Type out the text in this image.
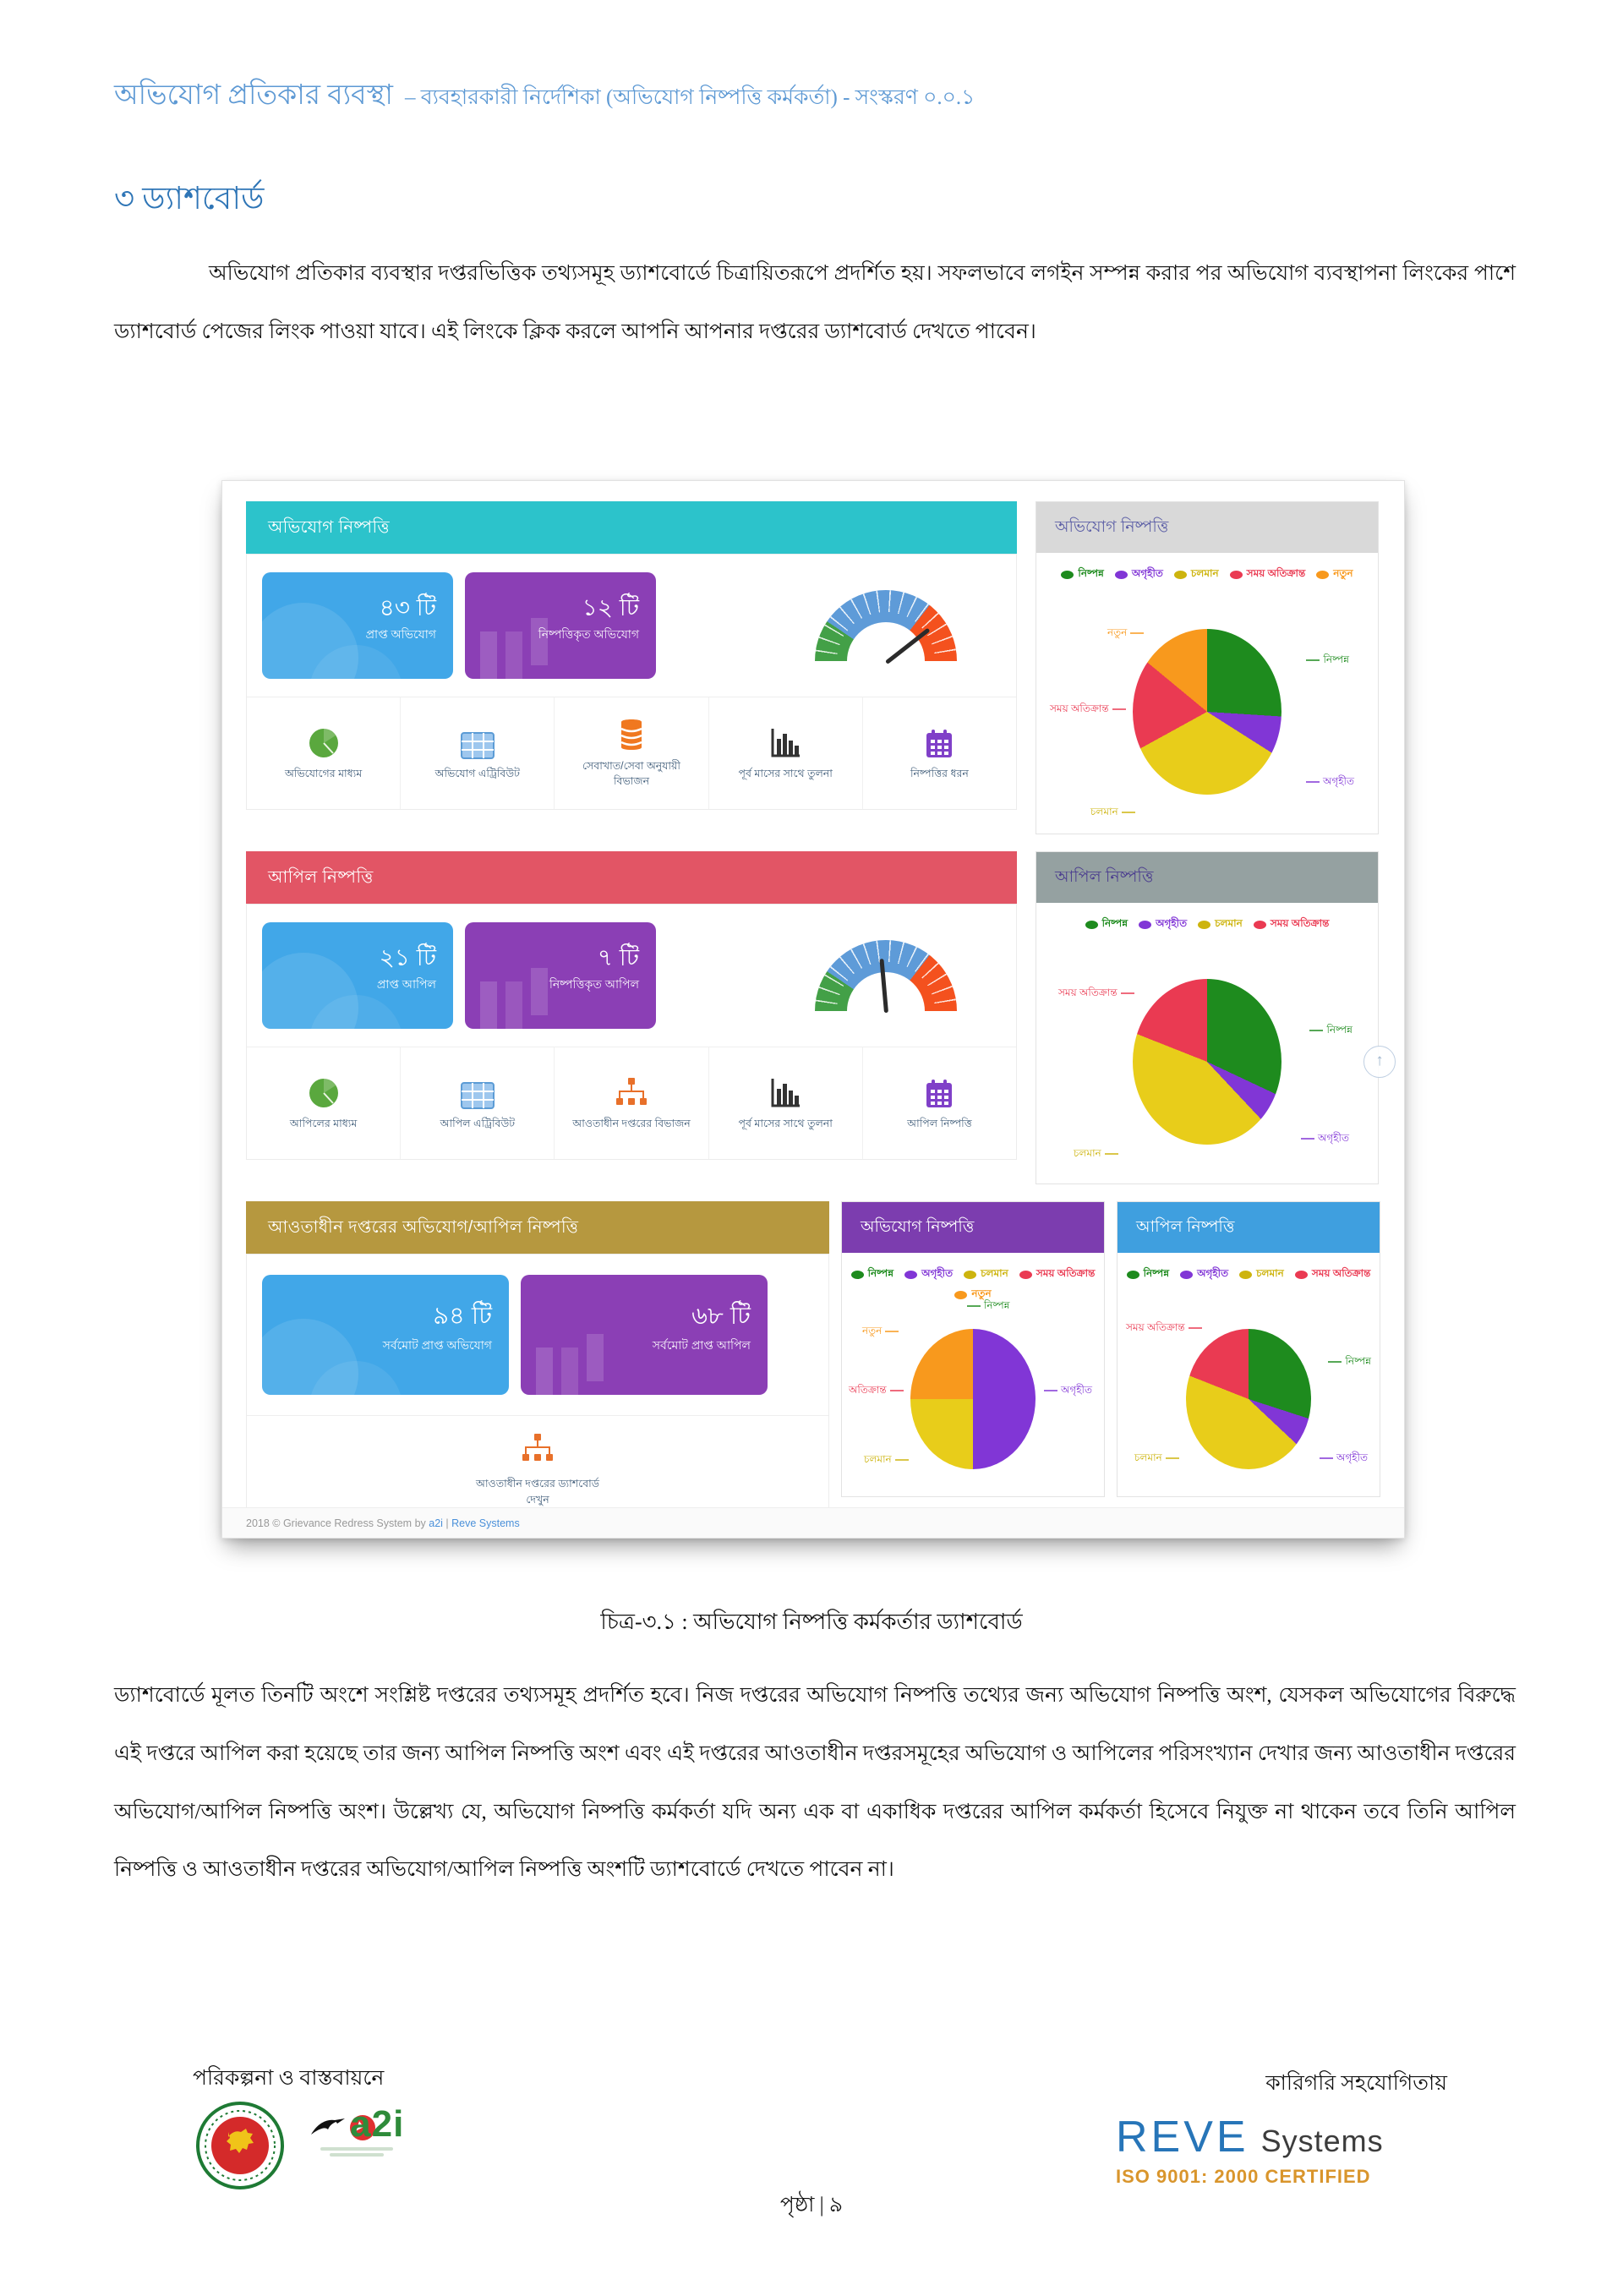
অভিযোগ প্রতিকার ব্যবস্থা – ব্যবহারকারী নির্দেশিকা (অভিযোগ নিষ্পত্তি কর্মকর্তা) - সংস্করণ ০.০.১
৩ ড্যাশবোর্ড
অভিযোগ প্রতিকার ব্যবস্থার দপ্তরভিত্তিক তথ্যসমূহ ড্যাশবোর্ডে চিত্রায়িতরূপে প্রদর্শিত হয়। সফলভাবে লগইন সম্পন্ন করার পর অভিযোগ ব্যবস্থাপনা লিংকের পাশে ড্যাশবোর্ড পেজের লিংক পাওয়া যাবে। এই লিংকে ক্লিক করলে আপনি আপনার দপ্তরের ড্যাশবোর্ড দেখতে পাবেন।
অভিযোগ নিষ্পত্তি
৪৩ টি
প্রাপ্ত অভিযোগ
১২ টি
নিষ্পত্তিকৃত অভিযোগ
অভিযোগের মাধ্যম	অভিযোগ এট্রিবিউট
সেবাখাত/সেবা অনুযায়ী বিভাজন
পূর্ব মাসের সাথে তুলনা	নিষ্পত্তির ধরন
অভিযোগ নিষ্পত্তি
নিষ্পন্ন	অগৃহীত	চলমান	সময় অতিক্রান্ত	নতুন
নতুন
নিষ্পন্ন
সময় অতিক্রান্ত
অগৃহীত
চলমান
আপিল নিষ্পত্তি
২১ টি
প্রাপ্ত আপিল
৭ টি
নিষ্পত্তিকৃত আপিল
আপিলের মাধ্যম	আপিল এট্রিবিউট	আওতাধীন দপ্তরের বিভাজন	পূর্ব মাসের সাথে তুলনা	আপিল নিষ্পত্তি
আপিল নিষ্পত্তি
নিষ্পন্ন	অগৃহীত	চলমান	সময় অতিক্রান্ত
সময় অতিক্রান্ত
নিষ্পন্ন
অগৃহীত
চলমান
আওতাধীন দপ্তরের অভিযোগ/আপিল নিষ্পত্তি
৯৪ টি
সর্বমোট প্রাপ্ত অভিযোগ
৬৮ টি
সর্বমোট প্রাপ্ত আপিল
আওতাধীন দপ্তরের ড্যাশবোর্ড দেখুন
অভিযোগ নিষ্পত্তি
নিষ্পন্ন	অগৃহীত	চলমান	সময় অতিক্রান্ত
নতুন
নিষ্পন্ন
নতুন
অতিক্রান্ত
চলমান
অগৃহীত
আপিল নিষ্পত্তি
নিষ্পন্ন	অগৃহীত	চলমান	সময় অতিক্রান্ত
সময় অতিক্রান্ত
নিষ্পন্ন
অগৃহীত
চলমান
↑
2018 © Grievance Redress System by a2i | Reve Systems
চিত্র-৩.১ : অভিযোগ নিষ্পত্তি কর্মকর্তার ড্যাশবোর্ড
ড্যাশবোর্ডে মূলত তিনটি অংশে সংশ্লিষ্ট দপ্তরের তথ্যসমূহ প্রদর্শিত হবে। নিজ দপ্তরের অভিযোগ নিষ্পত্তি তথ্যের জন্য অভিযোগ নিষ্পত্তি অংশ, যেসকল অভিযোগের বিরুদ্ধে এই দপ্তরে আপিল করা হয়েছে তার জন্য আপিল নিষ্পত্তি অংশ এবং এই দপ্তরের আওতাধীন দপ্তরসমূহের অভিযোগ ও আপিলের পরিসংখ্যান দেখার জন্য আওতাধীন দপ্তরের অভিযোগ/আপিল নিষ্পত্তি অংশ। উল্লেখ্য যে, অভিযোগ নিষ্পত্তি কর্মকর্তা যদি অন্য এক বা একাধিক দপ্তরের আপিল কর্মকর্তা হিসেবে নিযুক্ত না থাকেন তবে তিনি আপিল নিষ্পত্তি ও আওতাধীন দপ্তরের অভিযোগ/আপিল নিষ্পত্তি অংশটি ড্যাশবোর্ডে দেখতে পাবেন না।
পরিকল্পনা ও বাস্তবায়নে	কারিগরি সহযোগিতায়

a2i	REVE Systems
ISO 9001: 2000 CERTIFIED
পৃষ্ঠা | ৯
